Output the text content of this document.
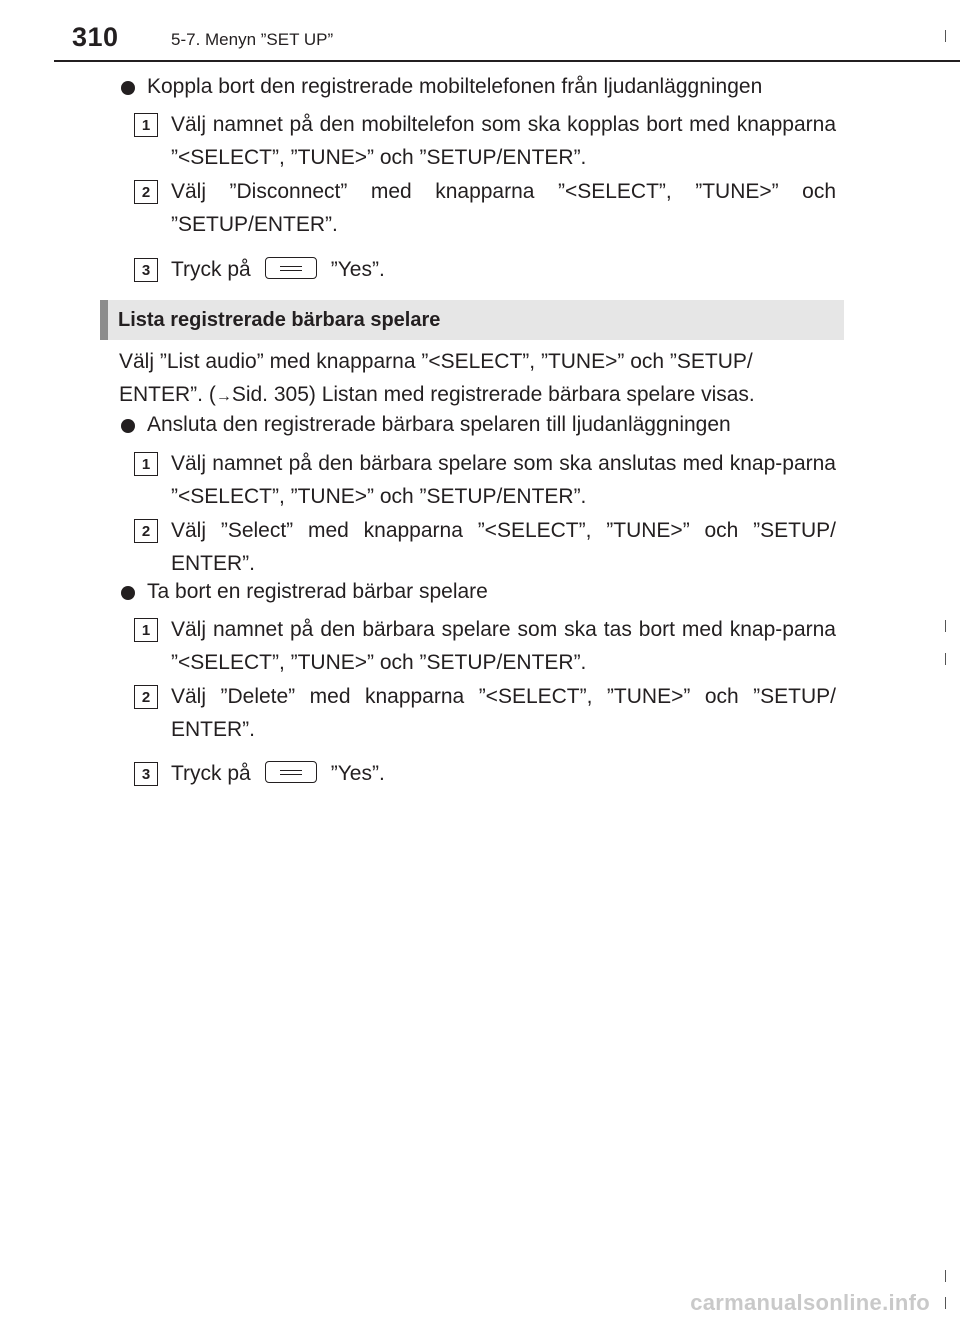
310	5-7. Menyn ”SET UP”
Koppla bort den registrerade mobiltelefonen från ljudanläggningen
1 Välj namnet på den mobiltelefon som ska kopplas bort med knapparna ”<SELECT”, ”TUNE>” och ”SETUP/ENTER”.
2 Välj ”Disconnect” med knapparna ”<SELECT”, ”TUNE>” och ”SETUP/ENTER”.
3 Tryck på	”Yes”.
Lista registrerade bärbara spelare
Välj ”List audio” med knapparna ”<SELECT”, ”TUNE>” och ”SETUP/
ENTER”. (→Sid. 305) Listan med registrerade bärbara spelare visas.
Ansluta den registrerade bärbara spelaren till ljudanläggningen
1 Välj namnet på den bärbara spelare som ska anslutas med knap-parna ”<SELECT”, ”TUNE>” och ”SETUP/ENTER”.
2 Välj ”Select” med knapparna ”<SELECT”, ”TUNE>” och ”SETUP/ ENTER”.
Ta bort en registrerad bärbar spelare
1 Välj namnet på den bärbara spelare som ska tas bort med knap-parna ”<SELECT”, ”TUNE>” och ”SETUP/ENTER”.
2 Välj ”Delete” med knapparna ”<SELECT”, ”TUNE>” och ”SETUP/ ENTER”.
3 Tryck på	”Yes”.
carmanualsonline.info
